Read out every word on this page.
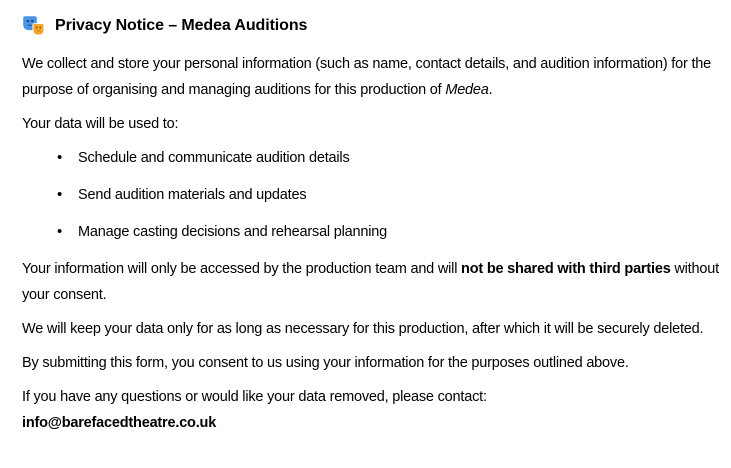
Privacy Notice – Medea Auditions

We collect and store your personal information (such as name, contact details, and audition information) for the purpose of organising and managing auditions for this production of Medea.

Your data will be used to:

• Schedule and communicate audition details
• Send audition materials and updates
• Manage casting decisions and rehearsal planning

Your information will only be accessed by the production team and will not be shared with third parties without your consent.

We will keep your data only for as long as necessary for this production, after which it will be securely deleted.

By submitting this form, you consent to us using your information for the purposes outlined above.

If you have any questions or would like your data removed, please contact:
info@barefacedtheatre.co.uk
